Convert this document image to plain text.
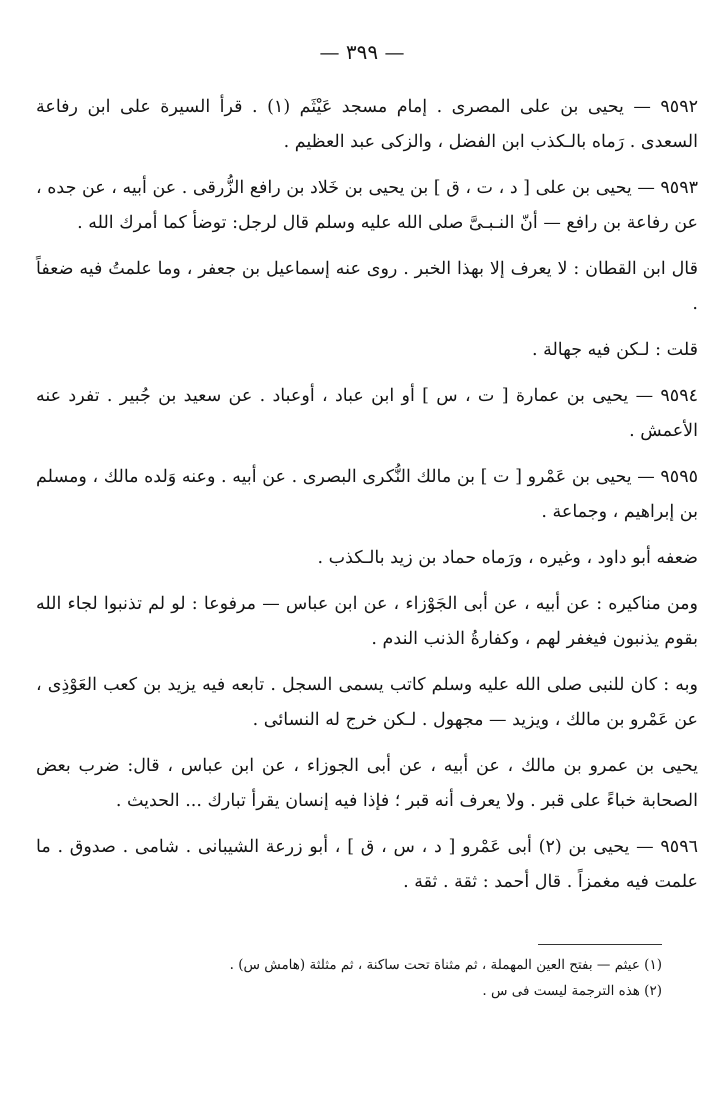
— ٣٩٩ —

٩٥٩٢ — يحيى بن على المصرى . إمام مسجد عَيْثَم (١) . قرأ السيرة على ابن رفاعة السعدى . رَماه بالـكذب ابن الفضل ، والزكى عبد العظيم .

٩٥٩٣ — يحيى بن على [ د ، ت ، ق ] بن يحيى بن خَلاد بن رافع الزُّرقى . عن أبيه ، عن جده ، عن رفاعة بن رافع — أنّ النـبـىَّ صلى الله عليه وسلم قال لرجل: توضأ كما أمرك الله .

قال ابن القطان : لا يعرف إلا بهذا الخبر . روى عنه إسماعيل بن جعفر ، وما علمتُ فيه ضعفاً .

قلت : لـكن فيه جهالة .

٩٥٩٤ — يحيى بن عمارة [ ت ، س ] أو ابن عباد ، أوعباد . عن سعيد بن جُبير . تفرد عنه الأعمش .

٩٥٩٥ — يحيى بن عَمْرو [ ت ] بن مالك النُّكرى البصرى . عن أبيه . وعنه وَلده مالك ، ومسلم بن إبراهيم ، وجماعة .

ضعفه أبو داود ، وغيره ، ورَماه حماد بن زيد بالـكذب .

ومن مناكيره : عن أبيه ، عن أبى الجَوْزاء ، عن ابن عباس — مرفوعا : لو لم تذنبوا لجاء الله بقوم يذنبون فيغفر لهم ، وكفارةُ الذنب الندم .

وبه : كان للنبى صلى الله عليه وسلم كاتب يسمى السجل . تابعه فيه يزيد بن كعب العَوْذِى ، عن عَمْرو بن مالك ، ويزيد — مجهول . لـكن خرج له النسائى .

يحيى بن عمرو بن مالك ، عن أبيه ، عن أبى الجوزاء ، عن ابن عباس ، قال: ضرب بعض الصحابة خباءً على قبر . ولا يعرف أنه قبر ؛ فإذا فيه إنسان يقرأ تبارك ... الحديث .

٩٥٩٦ — يحيى بن (٢) أبى عَمْرو [ د ، س ، ق ] ، أبو زرعة الشيبانى . شامى . صدوق . ما علمت فيه مغمزاً . قال أحمد : ثقة . ثقة .

(١) عيثم — بفتح العين المهملة ، ثم مثناة تحت ساكنة ، ثم مثلثة (هامش س) .

(٢) هذه الترجمة ليست فى س .
